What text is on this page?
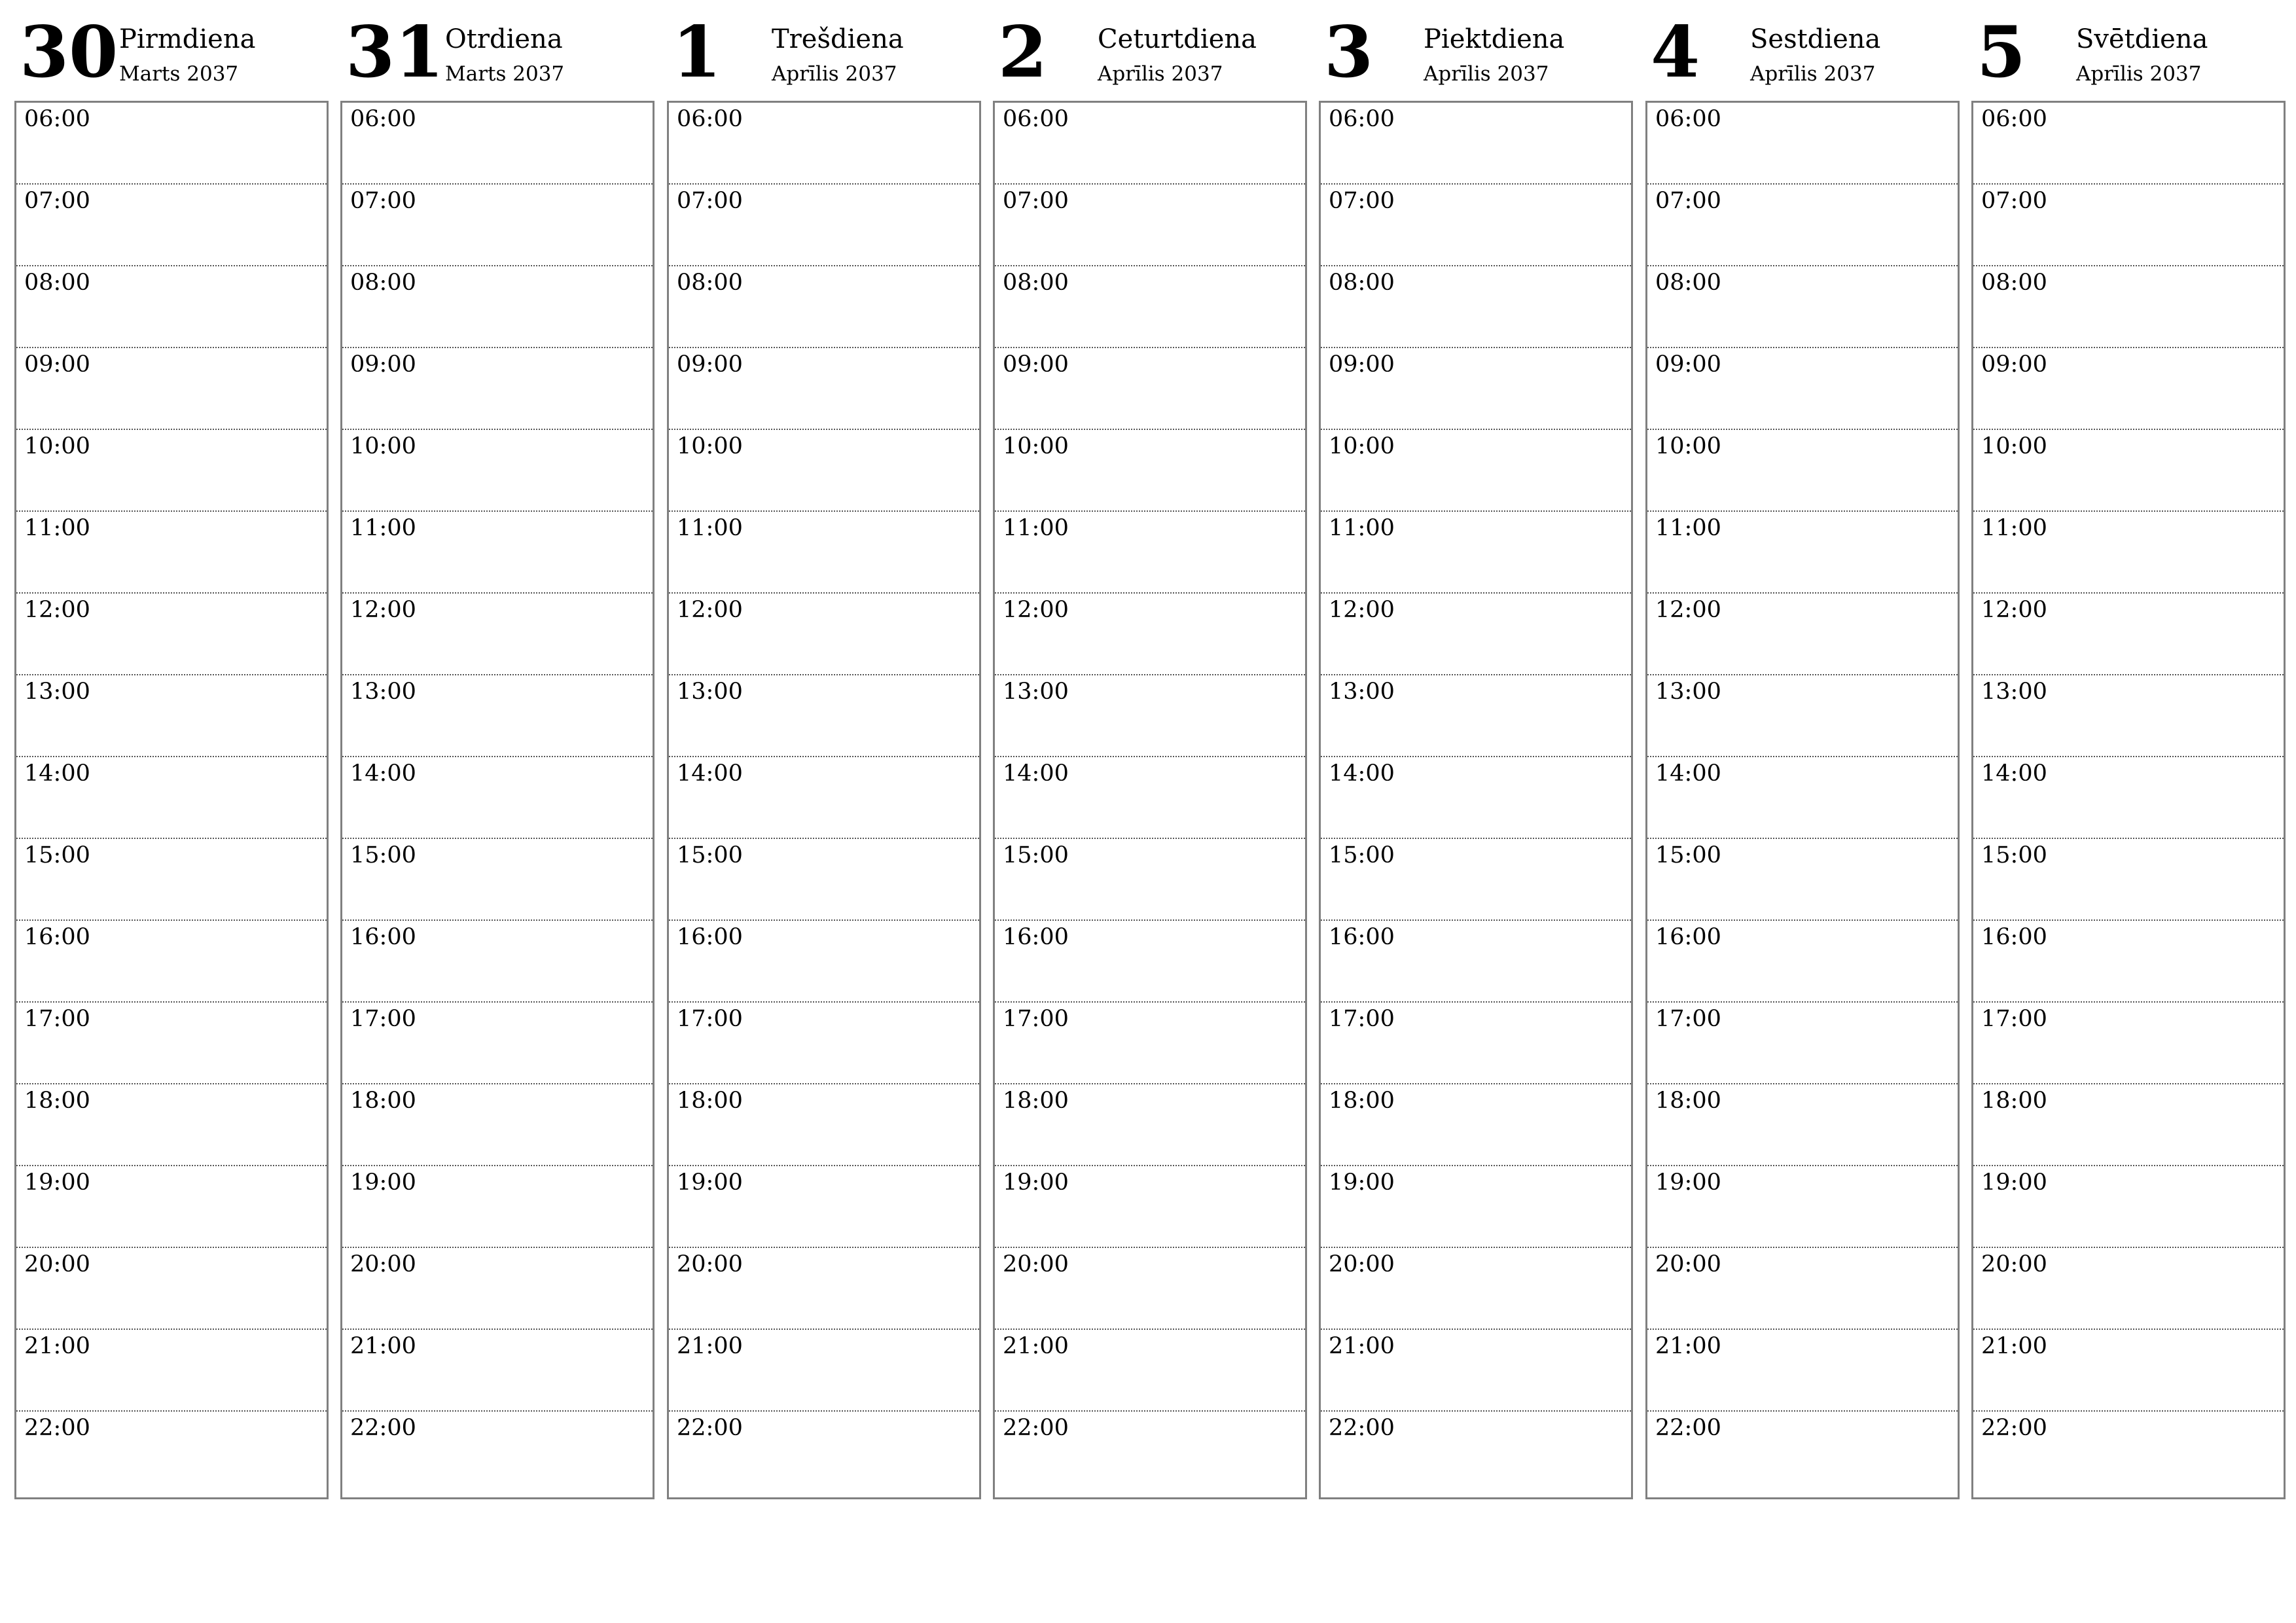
30 Pirmdiena
Marts 2037
06:00
07:00
08:00
09:00
10:00
11:00
12:00
13:00
14:00
15:00
16:00
17:00
18:00
19:00
20:00
21:00
22:00
31 Otrdiena
Marts 2037
06:00
07:00
08:00
09:00
10:00
11:00
12:00
13:00
14:00
15:00
16:00
17:00
18:00
19:00
20:00
21:00
22:00
1 Trešdiena
Aprīlis 2037
06:00
07:00
08:00
09:00
10:00
11:00
12:00
13:00
14:00
15:00
16:00
17:00
18:00
19:00
20:00
21:00
22:00
2 Ceturtdiena
Aprīlis 2037
06:00
07:00
08:00
09:00
10:00
11:00
12:00
13:00
14:00
15:00
16:00
17:00
18:00
19:00
20:00
21:00
22:00
3 Piektdiena
Aprīlis 2037
06:00
07:00
08:00
09:00
10:00
11:00
12:00
13:00
14:00
15:00
16:00
17:00
18:00
19:00
20:00
21:00
22:00
4 Sestdiena
Aprīlis 2037
06:00
07:00
08:00
09:00
10:00
11:00
12:00
13:00
14:00
15:00
16:00
17:00
18:00
19:00
20:00
21:00
22:00
5 Svētdiena
Aprīlis 2037
06:00
07:00
08:00
09:00
10:00
11:00
12:00
13:00
14:00
15:00
16:00
17:00
18:00
19:00
20:00
21:00
22:00
